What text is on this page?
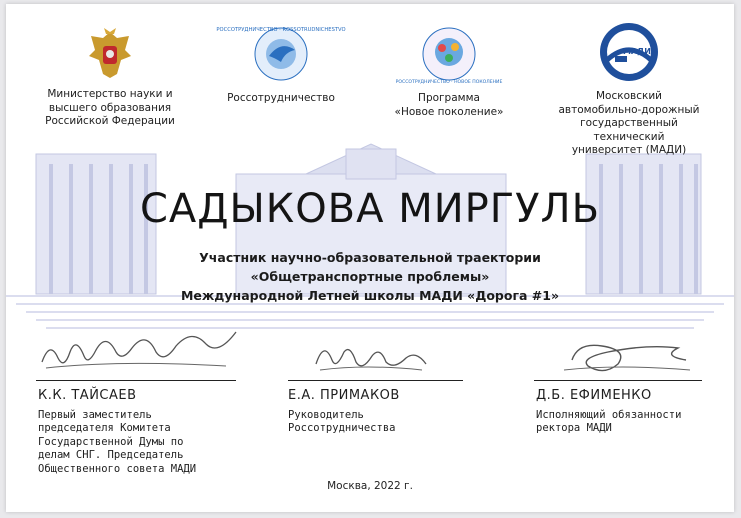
Министерство науки и
высшего образования
Российской Федерации
РОССОТРУДНИЧЕСТВО · ROSSOTRUDNICHESTVO
Россотрудничество
РОССОТРУДНИЧЕСТВО · НОВОЕ ПОКОЛЕНИЕ
Программа
«Новое поколение»
МАДИ
Московский
автомобильно-дорожный
государственный технический
университет (МАДИ)
САДЫКОВА МИРГУЛЬ
Участник научно-образовательной траектории
«Общетранспортные проблемы»
Международной Летней школы МАДИ «Дорога #1»
К.К. ТАЙСАЕВ
Первый заместитель
председателя Комитета
Государственной Думы по
делам СНГ. Председатель
Общественного совета МАДИ
Е.А. ПРИМАКОВ
Руководитель
Россотрудничества
Д.Б. ЕФИМЕНКО
Исполняющий обязанности
ректора МАДИ
Москва, 2022 г.
